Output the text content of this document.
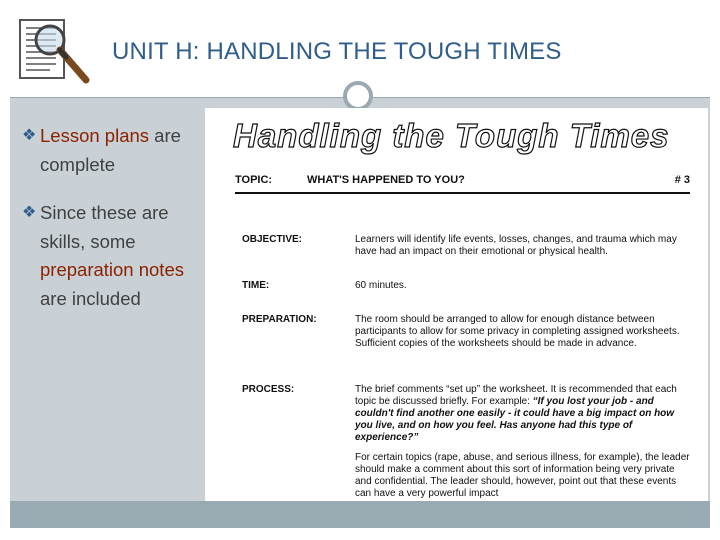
UNIT H: HANDLING THE TOUGH TIMES
❖ Lesson plans are complete
❖ Since these are skills, some preparation notes are included
Handling the Tough Times
TOPIC:	WHAT'S HAPPENED TO YOU?	# 3
OBJECTIVE:	Learners will identify life events, losses, changes, and trauma which may have had an impact on their emotional or physical health.
TIME:	60 minutes.
PREPARATION:	The room should be arranged to allow for enough distance between participants to allow for some privacy in completing assigned worksheets. Sufficient copies of the worksheets should be made in advance.
PROCESS:	The brief comments “set up” the worksheet. It is recommended that each topic be discussed briefly. For example: “If you lost your job - and couldn't find another one easily - it could have a big impact on how you live, and on how you feel. Has anyone had this type of experience?”

For certain topics (rape, abuse, and serious illness, for example), the leader should make a comment about this sort of information being very private and confidential. The leader should, however, point out that these events can have a very powerful impact
